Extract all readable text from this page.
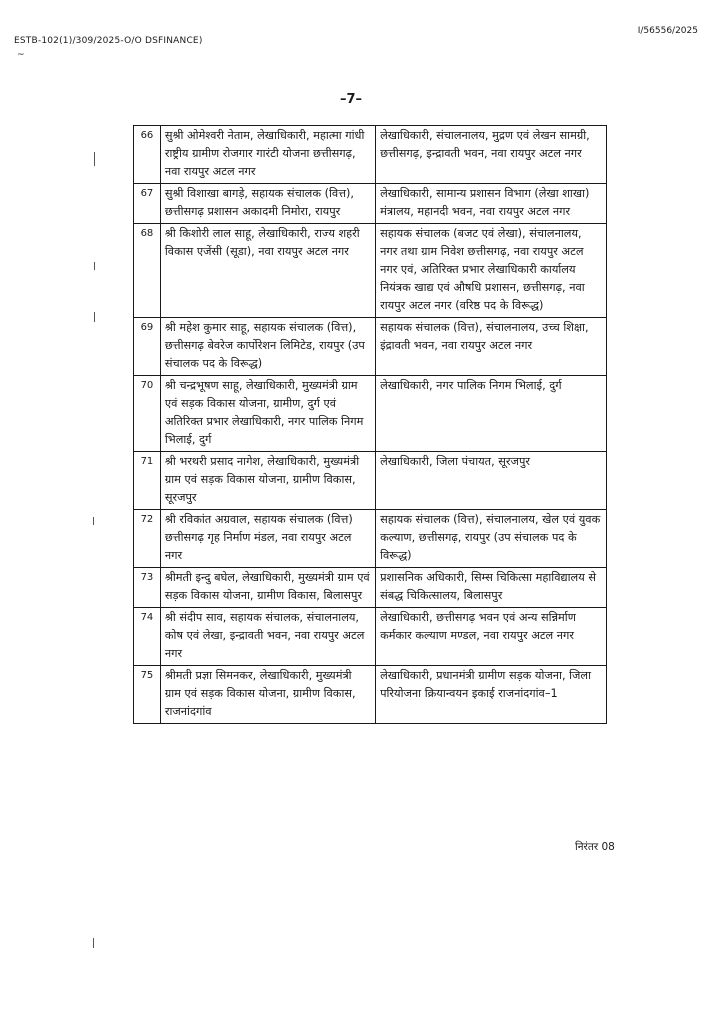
ESTB-102(1)/309/2025-O/O DSFINANCE)
~
I/56556/2025
–7–
66	सुश्री ओमेश्वरी नेताम, लेखाधिकारी, महात्मा गांधी राष्ट्रीय ग्रामीण रोजगार गारंटी योजना छत्तीसगढ़, नवा रायपुर अटल नगर	लेखाधिकारी, संचालनालय, मुद्रण एवं लेखन सामग्री, छत्तीसगढ़, इन्द्रावती भवन, नवा रायपुर अटल नगर
67	सुश्री विशाखा बागड़े, सहायक संचालक (वित्त), छत्तीसगढ़ प्रशासन अकादमी निमोरा, रायपुर	लेखाधिकारी, सामान्य प्रशासन विभाग (लेखा शाखा) मंत्रालय, महानदी भवन, नवा रायपुर अटल नगर
68	श्री किशोरी लाल साहू, लेखाधिकारी, राज्य शहरी विकास एजेंसी (सूडा), नवा रायपुर अटल नगर	सहायक संचालक (बजट एवं लेखा), संचालनालय, नगर तथा ग्राम निवेश छत्तीसगढ़, नवा रायपुर अटल नगर एवं, अतिरिक्त प्रभार लेखाधिकारी कार्यालय नियंत्रक खाद्य एवं औषधि प्रशासन, छत्तीसगढ़, नवा रायपुर अटल नगर (वरिष्ठ पद के विरूद्ध)
69	श्री महेश कुमार साहू, सहायक संचालक (वित्त), छत्तीसगढ़ बेवरेज कार्पोरेशन लिमिटेड, रायपुर (उप संचालक पद के विरूद्ध)	सहायक संचालक (वित्त), संचालनालय, उच्च शिक्षा, इंद्रावती भवन, नवा रायपुर अटल नगर
70	श्री चन्द्रभूषण साहू, लेखाधिकारी, मुख्यमंत्री ग्राम एवं सड़क विकास योजना, ग्रामीण, दुर्ग एवं अतिरिक्त प्रभार लेखाधिकारी, नगर पालिक निगम भिलाई, दुर्ग	लेखाधिकारी, नगर पालिक निगम भिलाई, दुर्ग
71	श्री भरथरी प्रसाद नागेश, लेखाधिकारी, मुख्यमंत्री ग्राम एवं सड़क विकास योजना, ग्रामीण विकास, सूरजपुर	लेखाधिकारी, जिला पंचायत, सूरजपुर
72	श्री रविकांत अग्रवाल, सहायक संचालक (वित्त) छत्तीसगढ़ गृह निर्माण मंडल, नवा रायपुर अटल नगर	सहायक संचालक (वित्त), संचालनालय, खेल एवं युवक कल्याण, छत्तीसगढ़, रायपुर (उप संचालक पद के विरूद्ध)
73	श्रीमती इन्दु बघेल, लेखाधिकारी, मुख्यमंत्री ग्राम एवं सड़क विकास योजना, ग्रामीण विकास, बिलासपुर	प्रशासनिक अधिकारी, सिम्स चिकित्सा महाविद्यालय से संबद्ध चिकित्सालय, बिलासपुर
74	श्री संदीप साव, सहायक संचालक, संचालनालय, कोष एवं लेखा, इन्द्रावती भवन, नवा रायपुर अटल नगर	लेखाधिकारी, छत्तीसगढ़ भवन एवं अन्य सन्निर्माण कर्मकार कल्याण मण्डल, नवा रायपुर अटल नगर
75	श्रीमती प्रज्ञा सिमनकर, लेखाधिकारी, मुख्यमंत्री ग्राम एवं सड़क विकास योजना, ग्रामीण विकास, राजनांदगांव	लेखाधिकारी, प्रधानमंत्री ग्रामीण सड़क योजना, जिला परियोजना क्रियान्वयन इकाई राजनांदगांव–1
निरंतर 08
